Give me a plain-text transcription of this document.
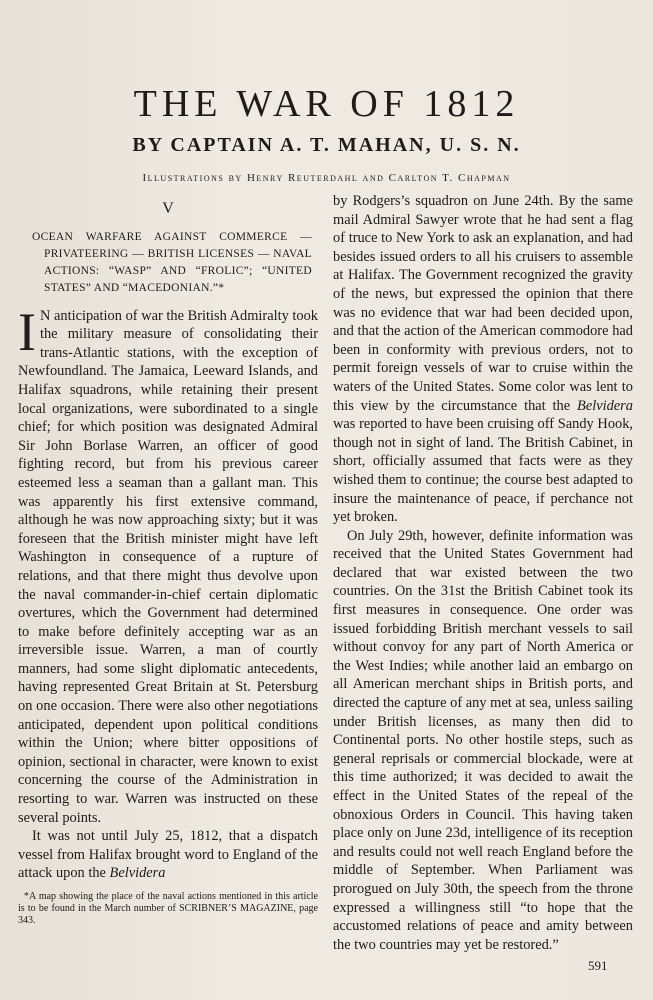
THE WAR OF 1812
BY CAPTAIN A. T. MAHAN, U. S. N.
Illustrations by Henry Reuterdahl and Carlton T. Chapman
V
OCEAN WARFARE AGAINST COMMERCE — PRIVATEERING — BRITISH LICENSES — NAVAL ACTIONS: “WASP” AND “FROLIC”; “UNITED STATES” AND “MACEDONIAN.”*

I N anticipation of war the British Admiralty took the military measure of consolidating their trans-Atlantic stations, with the exception of Newfoundland. The Jamaica, Leeward Islands, and Halifax squadrons, while retaining their present local organizations, were subordinated to a single chief; for which position was designated Admiral Sir John Borlase Warren, an officer of good fighting record, but from his previous career esteemed less a seaman than a gallant man. This was apparently his first extensive command, although he was now approaching sixty; but it was foreseen that the British minister might have left Washington in consequence of a rupture of relations, and that there might thus devolve upon the naval commander-in-chief certain diplomatic overtures, which the Government had determined to make before definitely accepting war as an irreversible issue. Warren, a man of courtly manners, had some slight diplomatic antecedents, having represented Great Britain at St. Petersburg on one occasion. There were also other negotiations anticipated, dependent upon political conditions within the Union; where bitter oppositions of opinion, sectional in character, were known to exist concerning the course of the Administration in resorting to war. Warren was instructed on these several points.

It was not until July 25, 1812, that a dispatch vessel from Halifax brought word to England of the attack upon the Belvidera

*A map showing the place of the naval actions mentioned in this article is to be found in the March number of SCRIBNER’S MAGAZINE, page 343.

by Rodgers’s squadron on June 24th. By the same mail Admiral Sawyer wrote that he had sent a flag of truce to New York to ask an explanation, and had besides issued orders to all his cruisers to assemble at Halifax. The Government recognized the gravity of the news, but expressed the opinion that there was no evidence that war had been decided upon, and that the action of the American commodore had been in conformity with previous orders, not to permit foreign vessels of war to cruise within the waters of the United States. Some color was lent to this view by the circumstance that the Belvidera was reported to have been cruising off Sandy Hook, though not in sight of land. The British Cabinet, in short, officially assumed that facts were as they wished them to continue; the course best adapted to insure the maintenance of peace, if perchance not yet broken.

On July 29th, however, definite information was received that the United States Government had declared that war existed between the two countries. On the 31st the British Cabinet took its first measures in consequence. One order was issued forbidding British merchant vessels to sail without convoy for any part of North America or the West Indies; while another laid an embargo on all American merchant ships in British ports, and directed the capture of any met at sea, unless sailing under British licenses, as many then did to Continental ports. No other hostile steps, such as general reprisals or commercial blockade, were at this time authorized; it was decided to await the effect in the United States of the repeal of the obnoxious Orders in Council. This having taken place only on June 23d, intelligence of its reception and results could not well reach England before the middle of September. When Parliament was prorogued on July 30th, the speech from the throne expressed a willingness still “to hope that the accustomed relations of peace and amity between the two countries may yet be restored.”

591
